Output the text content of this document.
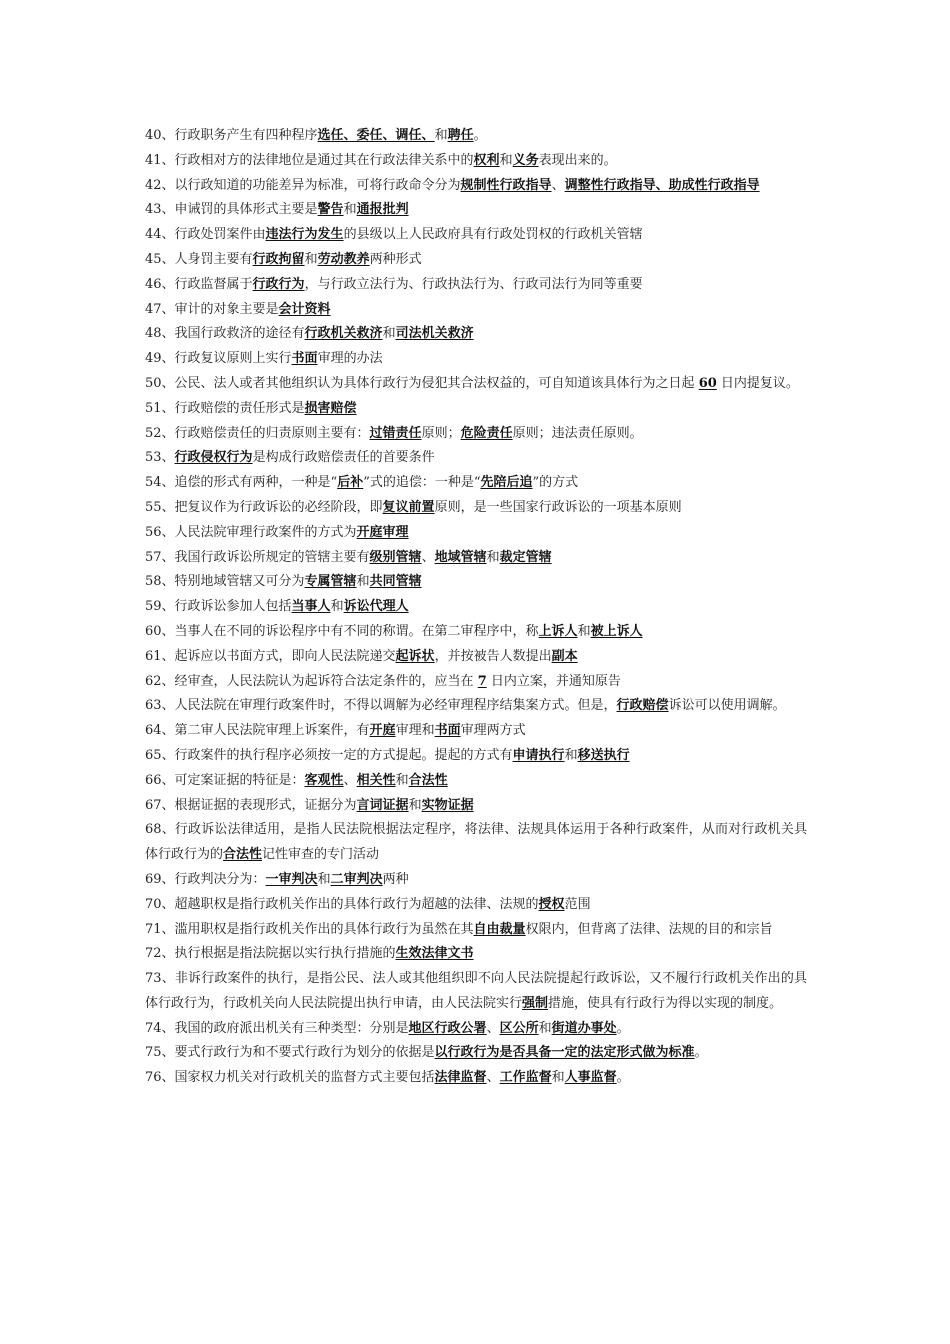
40、行政职务产生有四种程序选任、委任、调任、和聘任。

41、行政相对方的法律地位是通过其在行政法律关系中的权利和义务表现出来的。

42、以行政知道的功能差异为标准，可将行政命令分为规制性行政指导、调整性行政指导、助成性行政指导

43、申诫罚的具体形式主要是警告和通报批判

44、行政处罚案件由违法行为发生的县级以上人民政府具有行政处罚权的行政机关管辖

45、人身罚主要有行政拘留和劳动教养两种形式

46、行政监督属于行政行为，与行政立法行为、行政执法行为、行政司法行为同等重要

47、审计的对象主要是会计资料

48、我国行政救济的途径有行政机关救济和司法机关救济

49、行政复议原则上实行书面审理的办法

50、公民、法人或者其他组织认为具体行政行为侵犯其合法权益的，可自知道该具体行为之日起 60 日内提复议。

51、行政赔偿的责任形式是损害赔偿

52、行政赔偿责任的归责原则主要有：过错责任原则；危险责任原则；违法责任原则。

53、行政侵权行为是构成行政赔偿责任的首要条件

54、追偿的形式有两种，一种是“后补”式的追偿：一种是“先陪后追”的方式

55、把复议作为行政诉讼的必经阶段，即复议前置原则，是一些国家行政诉讼的一项基本原则

56、人民法院审理行政案件的方式为开庭审理

57、我国行政诉讼所规定的管辖主要有级别管辖、地域管辖和裁定管辖

58、特别地域管辖又可分为专属管辖和共同管辖

59、行政诉讼参加人包括当事人和诉讼代理人

60、当事人在不同的诉讼程序中有不同的称谓。在第二审程序中，称上诉人和被上诉人

61、起诉应以书面方式，即向人民法院递交起诉状，并按被告人数提出副本

62、经审查，人民法院认为起诉符合法定条件的，应当在 7 日内立案，并通知原告

63、人民法院在审理行政案件时，不得以调解为必经审理程序结集案方式。但是，行政赔偿诉讼可以使用调解。

64、第二审人民法院审理上诉案件，有开庭审理和书面审理两方式

65、行政案件的执行程序必须按一定的方式提起。提起的方式有申请执行和移送执行

66、可定案证据的特征是：客观性、相关性和合法性

67、根据证据的表现形式，证据分为言词证据和实物证据

68、行政诉讼法律适用，是指人民法院根据法定程序，将法律、法规具体运用于各种行政案件，从而对行政机关具体行政行为的合法性记性审查的专门活动

69、行政判决分为：一审判决和二审判决两种

70、超越职权是指行政机关作出的具体行政行为超越的法律、法规的授权范围

71、滥用职权是指行政机关作出的具体行政行为虽然在其自由裁量权限内，但背离了法律、法规的目的和宗旨

72、执行根据是指法院据以实行执行措施的生效法律文书

73、非诉行政案件的执行，是指公民、法人或其他组织即不向人民法院提起行政诉讼，又不履行行政机关作出的具体行政行为，行政机关向人民法院提出执行申请，由人民法院实行强制措施，使具有行政行为得以实现的制度。

74、我国的政府派出机关有三种类型：分别是地区行政公署、区公所和街道办事处。

75、要式行政行为和不要式行政行为划分的依据是以行政行为是否具备一定的法定形式做为标准。

76、国家权力机关对行政机关的监督方式主要包括法律监督、工作监督和人事监督。
